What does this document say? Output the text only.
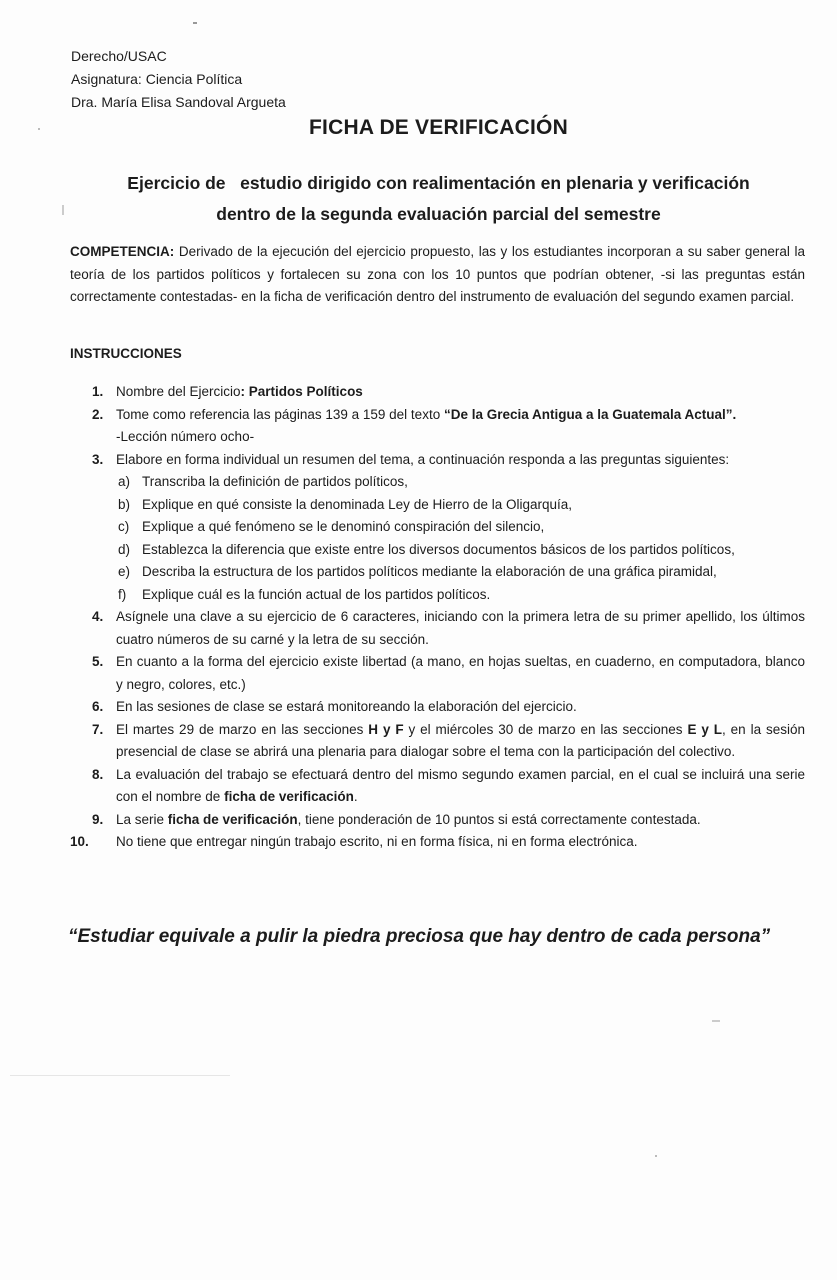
Derecho/USAC
Asignatura: Ciencia Política
Dra. María Elisa Sandoval Argueta
FICHA DE VERIFICACIÓN
Ejercicio de   estudio dirigido con realimentación en plenaria y verificación
dentro de la segunda evaluación parcial del semestre
COMPETENCIA: Derivado de la ejecución del ejercicio propuesto, las y los estudiantes incorporan a su saber general la teoría de los partidos políticos y fortalecen su zona con los 10 puntos que podrían obtener, -si las preguntas están correctamente contestadas- en la ficha de verificación dentro del instrumento de evaluación del segundo examen parcial.
INSTRUCCIONES
1. Nombre del Ejercicio: Partidos Políticos
2. Tome como referencia las páginas 139 a 159 del texto “De la Grecia Antigua a la Guatemala Actual”.
-Lección número ocho-
3. Elabore en forma individual un resumen del tema, a continuación responda a las preguntas siguientes:
a) Transcriba la definición de partidos políticos,
b) Explique en qué consiste la denominada Ley de Hierro de la Oligarquía,
c) Explique a qué fenómeno se le denominó conspiración del silencio,
d) Establezca la diferencia que existe entre los diversos documentos básicos de los partidos políticos,
e) Describa la estructura de los partidos políticos mediante la elaboración de una gráfica piramidal,
f) Explique cuál es la función actual de los partidos políticos.
4. Asígnele una clave a su ejercicio de 6 caracteres, iniciando con la primera letra de su primer apellido, los últimos cuatro números de su carné y la letra de su sección.
5. En cuanto a la forma del ejercicio existe libertad (a mano, en hojas sueltas, en cuaderno, en computadora, blanco y negro, colores, etc.)
6. En las sesiones de clase se estará monitoreando la elaboración del ejercicio.
7. El martes 29 de marzo en las secciones H y F y el miércoles 30 de marzo en las secciones E y L, en la sesión presencial de clase se abrirá una plenaria para dialogar sobre el tema con la participación del colectivo.
8. La evaluación del trabajo se efectuará dentro del mismo segundo examen parcial, en el cual se incluirá una serie con el nombre de ficha de verificación.
9. La serie ficha de verificación, tiene ponderación de 10 puntos si está correctamente contestada.
10. No tiene que entregar ningún trabajo escrito, ni en forma física, ni en forma electrónica.
“Estudiar equivale a pulir la piedra preciosa que hay dentro de cada persona”
